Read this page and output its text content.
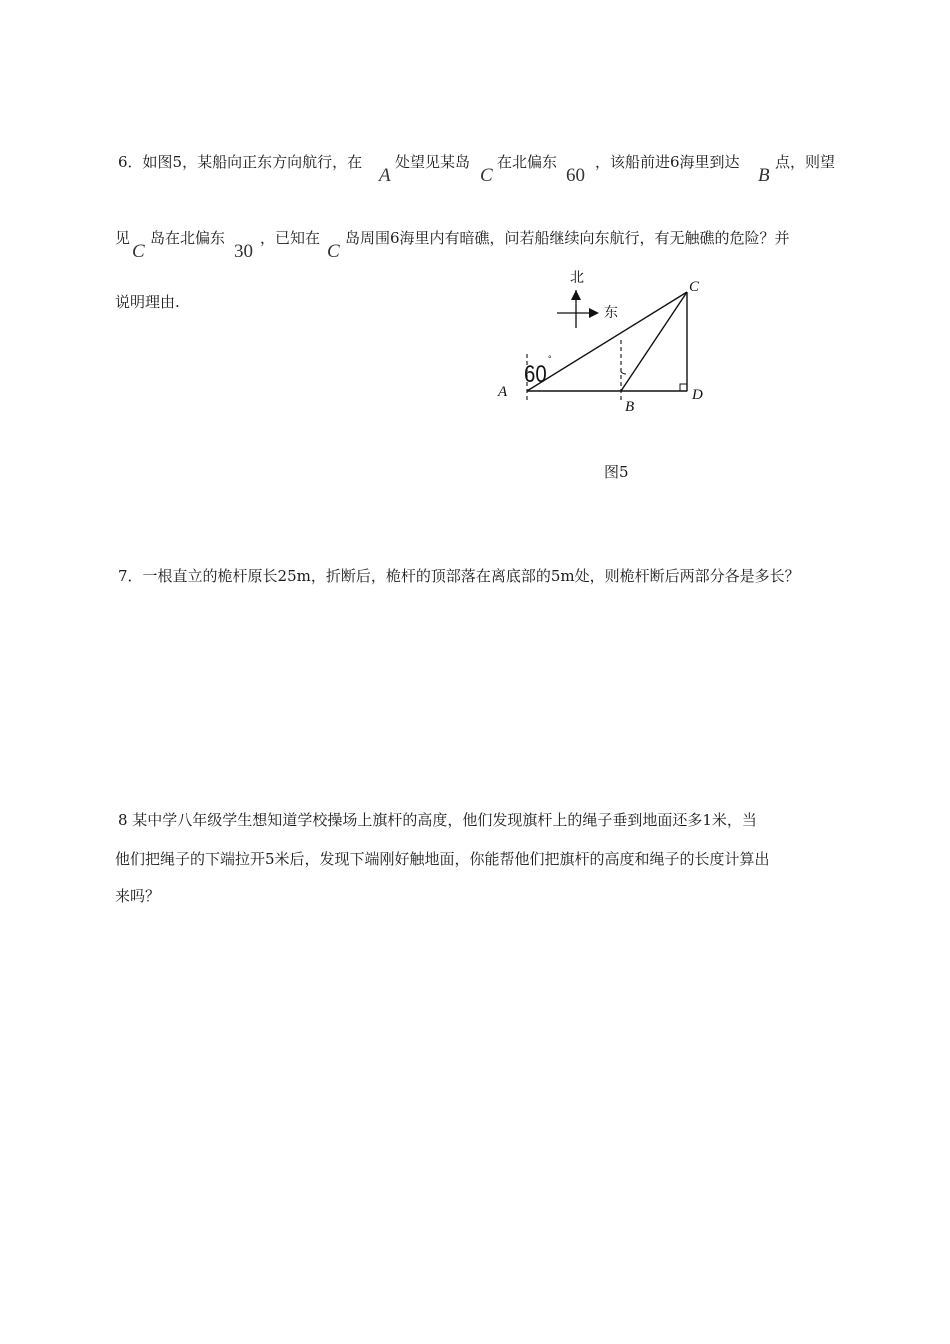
6．如图5，某船向正东方向航行，在
A
处望见某岛
C
在北偏东
60
，该船前进6海里到达
B
点，则望
见
C
岛在北偏东
30
，已知在
C
岛周围6海里内有暗礁，问若船继续向东航行，有无触礁的危险？并
说明理由.
北
东
60
°
A
B
C
D
图5
7．一根直立的桅杆原长25m，折断后，桅杆的顶部落在离底部的5m处，则桅杆断后两部分各是多长？
8 某中学八年级学生想知道学校操场上旗杆的高度，他们发现旗杆上的绳子垂到地面还多1米，当
他们把绳子的下端拉开5米后，发现下端刚好触地面，你能帮他们把旗杆的高度和绳子的长度计算出
来吗？
